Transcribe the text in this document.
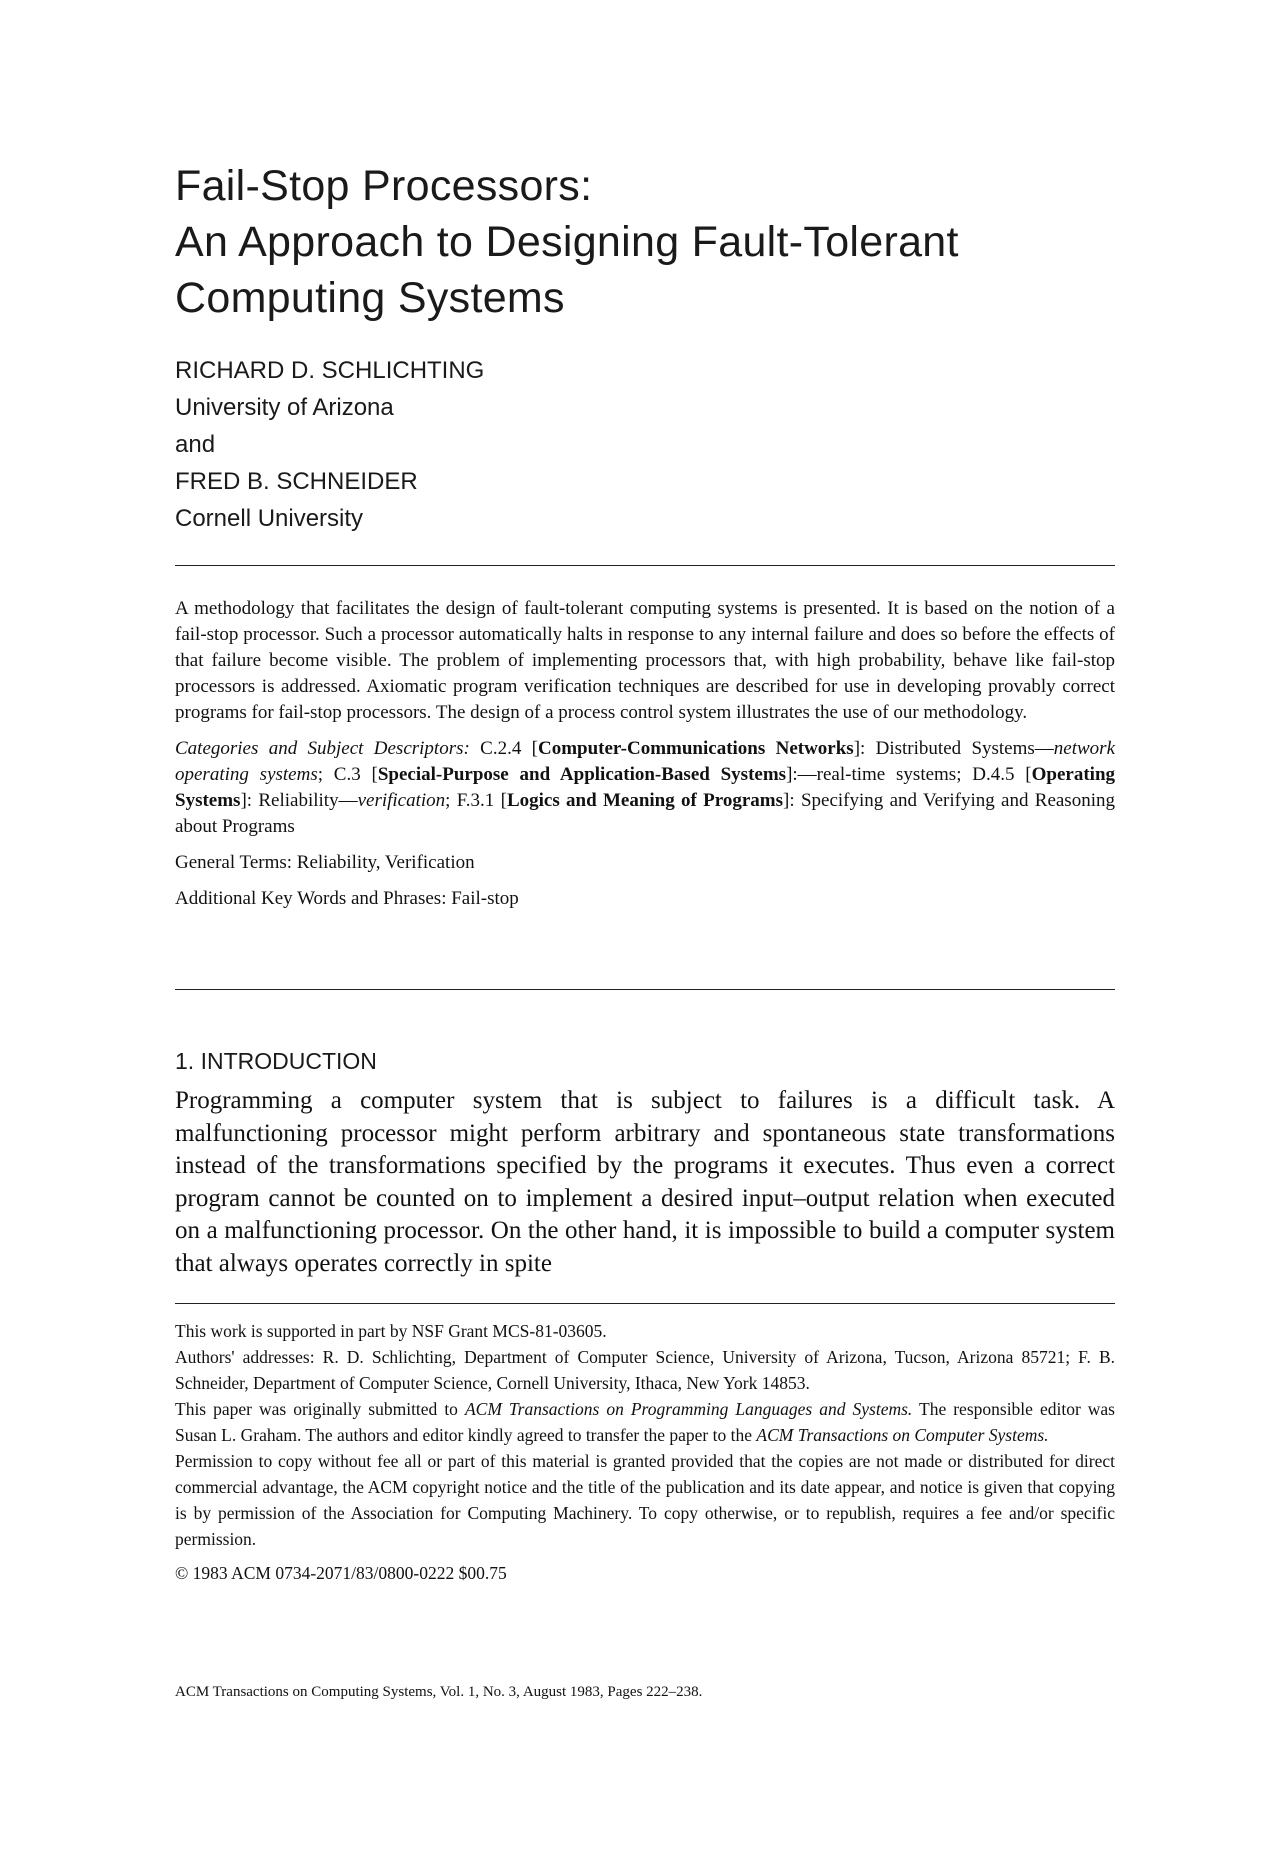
Fail-Stop Processors:
An Approach to Designing Fault-Tolerant
Computing Systems
RICHARD D. SCHLICHTING
University of Arizona
and
FRED B. SCHNEIDER
Cornell University

A methodology that facilitates the design of fault-tolerant computing systems is presented. It is based on the notion of a fail-stop processor. Such a processor automatically halts in response to any internal failure and does so before the effects of that failure become visible. The problem of implementing processors that, with high probability, behave like fail-stop processors is addressed. Axiomatic program verification techniques are described for use in developing provably correct programs for fail-stop processors. The design of a process control system illustrates the use of our methodology.

Categories and Subject Descriptors: C.2.4 [Computer-Communications Networks]: Distributed Systems—network operating systems; C.3 [Special-Purpose and Application-Based Systems]:—real-time systems; D.4.5 [Operating Systems]: Reliability—verification; F.3.1 [Logics and Meaning of Programs]: Specifying and Verifying and Reasoning about Programs

General Terms: Reliability, Verification

Additional Key Words and Phrases: Fail-stop

1. INTRODUCTION

Programming a computer system that is subject to failures is a difficult task. A malfunctioning processor might perform arbitrary and spontaneous state transformations instead of the transformations specified by the programs it executes. Thus even a correct program cannot be counted on to implement a desired input–output relation when executed on a malfunctioning processor. On the other hand, it is impossible to build a computer system that always operates correctly in spite

This work is supported in part by NSF Grant MCS-81-03605.

Authors' addresses: R. D. Schlichting, Department of Computer Science, University of Arizona, Tucson, Arizona 85721; F. B. Schneider, Department of Computer Science, Cornell University, Ithaca, New York 14853.

This paper was originally submitted to ACM Transactions on Programming Languages and Systems. The responsible editor was Susan L. Graham. The authors and editor kindly agreed to transfer the paper to the ACM Transactions on Computer Systems.

Permission to copy without fee all or part of this material is granted provided that the copies are not made or distributed for direct commercial advantage, the ACM copyright notice and the title of the publication and its date appear, and notice is given that copying is by permission of the Association for Computing Machinery. To copy otherwise, or to republish, requires a fee and/or specific permission.

© 1983 ACM 0734-2071/83/0800-0222 $00.75

ACM Transactions on Computing Systems, Vol. 1, No. 3, August 1983, Pages 222–238.
